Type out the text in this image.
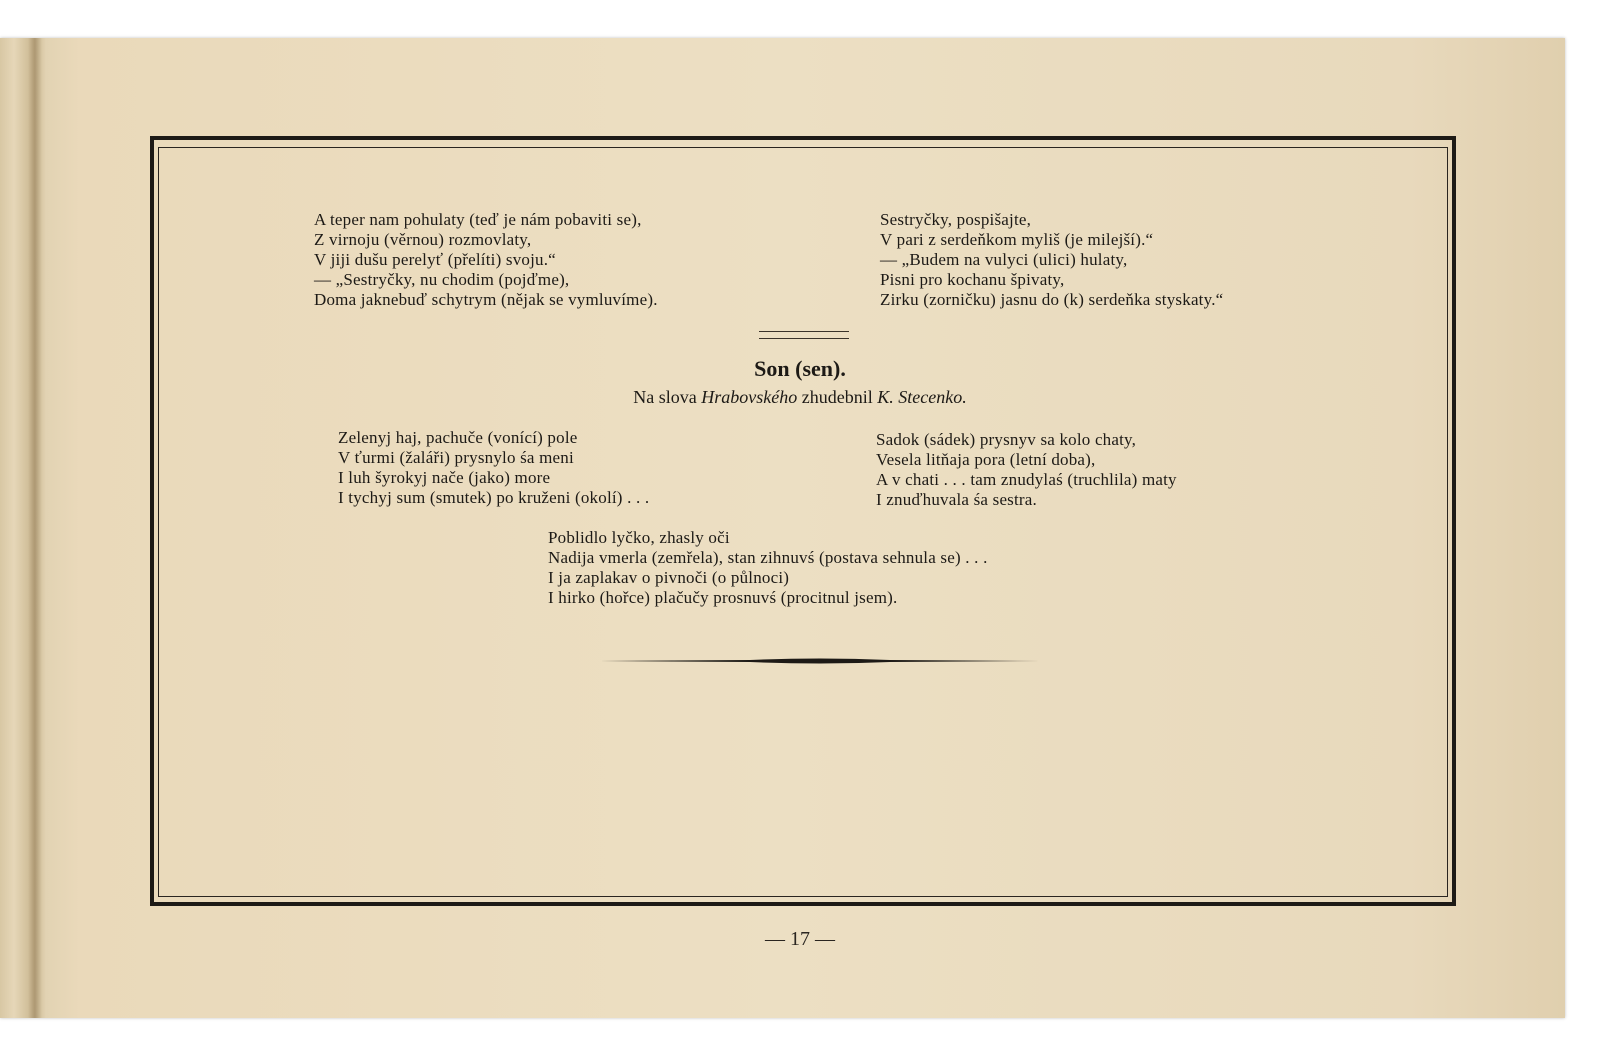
A teper nam pohulaty (teď je nám pobaviti se),
Z virnoju (věrnou) rozmovlaty,
V jiji dušu perelyť (přelíti) svoju.“
— „Sestryčky, nu chodim (pojďme),
Doma jaknebuď schytrym (nějak se vymluvíme).
Sestryčky, pospišajte,
V pari z serdeňkom myliš (je milejší).“
— „Budem na vulyci (ulici) hulaty,
Pisni pro kochanu špivaty,
Zirku (zorničku) jasnu do (k) serdeňka styskaty.“
Son (sen).
Na slova Hrabovského zhudebnil K. Stecenko.
Zelenyj haj, pachuče (vonící) pole
V ťurmi (žaláři) prysnylo śa meni
I luh šyrokyj nače (jako) more
I tychyj sum (smutek) po kruženi (okolí) . . .
Sadok (sádek) prysnyv sa kolo chaty,
Vesela litňaja pora (letní doba),
A v chati . . . tam znudylaś (truchlila) maty
I znuďhuvala śa sestra.
Poblidlo lyčko, zhasly oči
Nadija vmerla (zemřela), stan zihnuvś (postava sehnula se) . . .
I ja zaplakav o pivnoči (o půlnoci)
I hirko (hořce) plačučy prosnuvś (procitnul jsem).
— 17 —
